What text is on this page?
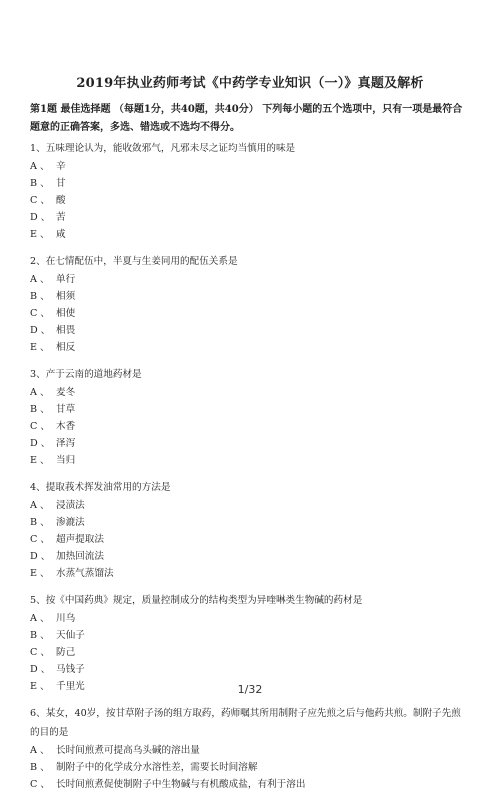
2019年执业药师考试《中药学专业知识（一）》真题及解析
第1题 最佳选择题 （每题1分，共40题，共40分） 下列每小题的五个选项中，只有一项是最符合题意的正确答案，多选、错选或不选均不得分。
1、五味理论认为，能收敛邪气，凡邪未尽之证均当慎用的味是
A 、 辛
B 、 甘
C 、 酸
D 、 苦
E 、 咸
2、在七情配伍中，半夏与生姜同用的配伍关系是
A 、 单行
B 、 相须
C 、 相使
D 、 相畏
E 、 相反
3、产于云南的道地药材是
A 、 麦冬
B 、 甘草
C 、 木香
D 、 泽泻
E 、 当归
4、提取莪术挥发油常用的方法是
A 、 浸渍法
B 、 渗漉法
C 、 超声提取法
D 、 加热回流法
E 、 水蒸气蒸馏法
5、按《中国药典》规定，质量控制成分的结构类型为异喹啉类生物碱的药材是
A 、 川乌
B 、 天仙子
C 、 防己
D 、 马钱子
E 、 千里光
6、某女，40岁，按甘草附子汤的组方取药，药师嘱其所用制附子应先煎之后与他药共煎。制附子先煎的目的是
A 、 长时间煎煮可提高乌头碱的溶出量
B 、 制附子中的化学成分水溶性差，需要长时间溶解
C 、 长时间煎煮促使制附子中生物碱与有机酸成盐，有利于溶出
1/32
